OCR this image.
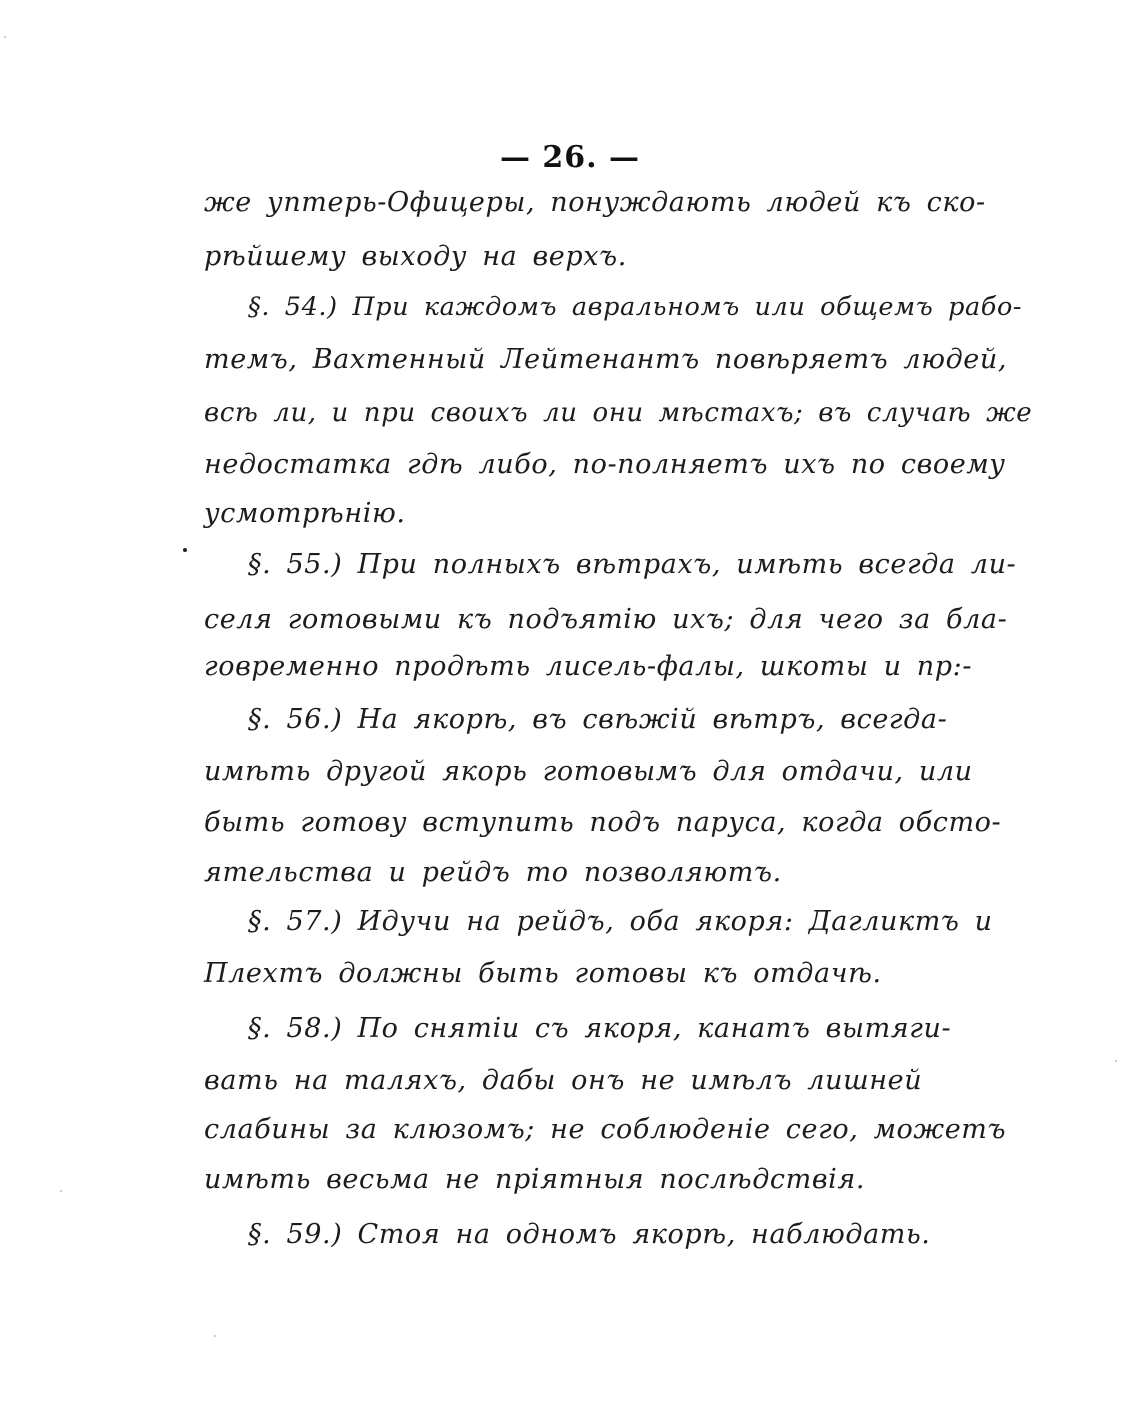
— 26. —
же уптерь-Офицеры, понуждають людей къ ско-
рѣйшему выходу на верхъ.
§. 54.) При каждомъ авральномъ или общемъ рабо-
темъ, Вахтенный Лейтенантъ повѣряетъ людей,
всѣ ли, и при своихъ ли они мѣстахъ; въ случаѣ же
недостатка гдѣ либо, по-полняетъ ихъ по своему
усмотрѣнію.
§. 55.) При полныхъ вѣтрахъ, имѣть всегда ли-
селя готовыми къ подъятію ихъ; для чего за бла-
говременно продѣть лисель-фалы, шкоты и пр:-
§. 56.) На якорѣ, въ свѣжій вѣтръ, всегда-
имѣть другой якорь готовымъ для отдачи, или
быть готову вступить подъ паруса, когда обсто-
ятельства и рейдъ то позволяютъ.
§. 57.) Идучи на рейдъ, оба якоря: Дагликтъ и
Плехтъ должны быть готовы къ отдачѣ.
§. 58.) По снятіи съ якоря, канатъ вытяги-
вать на таляхъ, дабы онъ не имѣлъ лишней
слабины за клюзомъ; не соблюденіе сего, можетъ
имѣть весьма не пріятныя послѣдствія.
§. 59.) Стоя на одномъ якорѣ, наблюдать.
